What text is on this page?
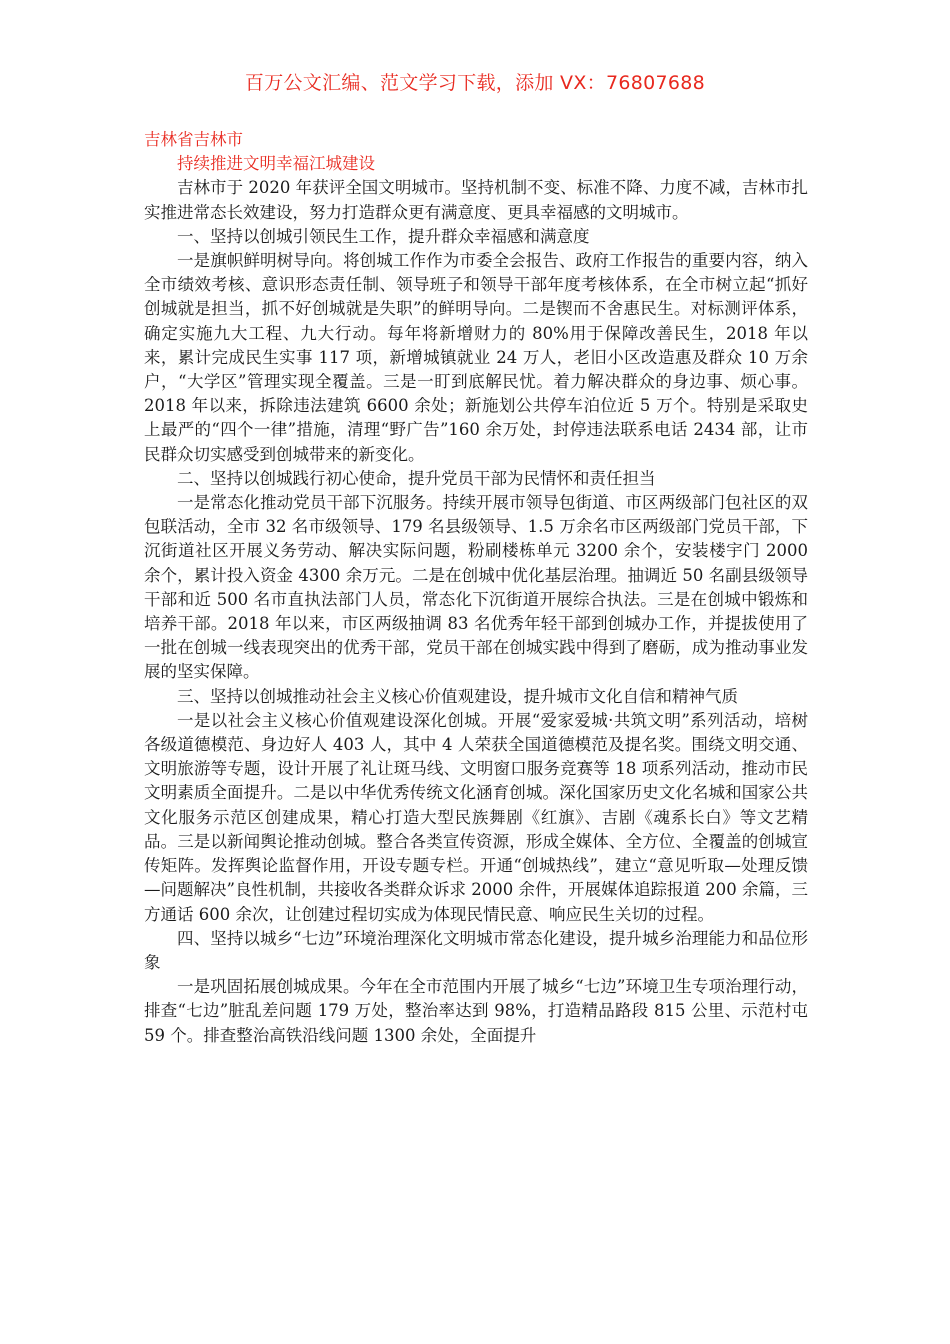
百万公文汇编、范文学习下载，添加 VX：76807688

吉林省吉林市

持续推进文明幸福江城建设

吉林市于 2020 年获评全国文明城市。坚持机制不变、标准不降、力度不减，吉林市扎实推进常态长效建设，努力打造群众更有满意度、更具幸福感的文明城市。

一、坚持以创城引领民生工作，提升群众幸福感和满意度

一是旗帜鲜明树导向。将创城工作作为市委全会报告、政府工作报告的重要内容，纳入全市绩效考核、意识形态责任制、领导班子和领导干部年度考核体系，在全市树立起“抓好创城就是担当，抓不好创城就是失职”的鲜明导向。二是锲而不舍惠民生。对标测评体系，确定实施九大工程、九大行动。每年将新增财力的 80%用于保障改善民生，2018 年以来，累计完成民生实事 117 项，新增城镇就业 24 万人，老旧小区改造惠及群众 10 万余户，“大学区”管理实现全覆盖。三是一盯到底解民忧。着力解决群众的身边事、烦心事。2018 年以来，拆除违法建筑 6600 余处；新施划公共停车泊位近 5 万个。特别是采取史上最严的“四个一律”措施，清理“野广告”160 余万处，封停违法联系电话 2434 部，让市民群众切实感受到创城带来的新变化。

二、坚持以创城践行初心使命，提升党员干部为民情怀和责任担当

一是常态化推动党员干部下沉服务。持续开展市领导包街道、市区两级部门包社区的双包联活动，全市 32 名市级领导、179 名县级领导、1.5 万余名市区两级部门党员干部，下沉街道社区开展义务劳动、解决实际问题，粉刷楼栋单元 3200 余个，安装楼宇门 2000 余个，累计投入资金 4300 余万元。二是在创城中优化基层治理。抽调近 50 名副县级领导干部和近 500 名市直执法部门人员，常态化下沉街道开展综合执法。三是在创城中锻炼和培养干部。2018 年以来，市区两级抽调 83 名优秀年轻干部到创城办工作，并提拔使用了一批在创城一线表现突出的优秀干部，党员干部在创城实践中得到了磨砺，成为推动事业发展的坚实保障。

三、坚持以创城推动社会主义核心价值观建设，提升城市文化自信和精神气质

一是以社会主义核心价值观建设深化创城。开展“爱家爱城·共筑文明”系列活动，培树各级道德模范、身边好人 403 人，其中 4 人荣获全国道德模范及提名奖。围绕文明交通、文明旅游等专题，设计开展了礼让斑马线、文明窗口服务竞赛等 18 项系列活动，推动市民文明素质全面提升。二是以中华优秀传统文化涵育创城。深化国家历史文化名城和国家公共文化服务示范区创建成果，精心打造大型民族舞剧《红旗》、吉剧《魂系长白》等文艺精品。三是以新闻舆论推动创城。整合各类宣传资源，形成全媒体、全方位、全覆盖的创城宣传矩阵。发挥舆论监督作用，开设专题专栏。开通“创城热线”，建立“意见听取—处理反馈—问题解决”良性机制，共接收各类群众诉求 2000 余件，开展媒体追踪报道 200 余篇，三方通话 600 余次，让创建过程切实成为体现民情民意、响应民生关切的过程。

四、坚持以城乡“七边”环境治理深化文明城市常态化建设，提升城乡治理能力和品位形象

一是巩固拓展创城成果。今年在全市范围内开展了城乡“七边”环境卫生专项治理行动，排查“七边”脏乱差问题 179 万处，整治率达到 98%，打造精品路段 815 公里、示范村屯 59 个。排查整治高铁沿线问题 1300 余处，全面提升
